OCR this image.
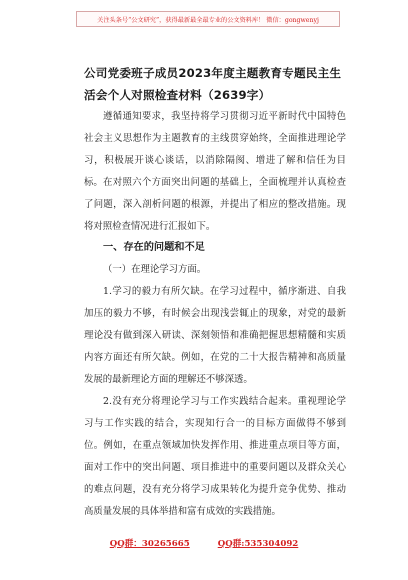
关注头条号“公文研究”，获得最新最全最专业的公文资料库！ 微信：gongwenyj
公司党委班子成员2023年度主题教育专题民主生活会个人对照检查材料（2639字）
遵循通知要求，我坚持将学习贯彻习近平新时代中国特色社会主义思想作为主题教育的主线贯穿始终，全面推进理论学习，积极展开谈心谈话，以消除隔阂、增进了解和信任为目标。 在对照六个方面突出问题的基础上，全面梳理并认真检查了问题，深入剖析问题的根源，并提出了相应的整改措施。现将对照检查情况进行汇报如下。
一、存在的问题和不足
（一）在理论学习方面。
1.学习的毅力有所欠缺。在学习过程中，循序渐进、自我加压的毅力不够，有时候会出现浅尝辄止的现象，对党的最新理论没有做到深入研读、深刻领悟和准确把握思想精髓和实质内容方面还有所欠缺。例如，在党的二十大报告精神和高质量发展的最新理论方面的理解还不够深透。
2.没有充分将理论学习与工作实践结合起来。重视理论学习与工作实践的结合，实现知行合一的目标方面做得不够到位。例如，在重点领域加快发挥作用、推进重点项目等方面，面对工作中的突出问题、项目推进中的重要问题以及群众关心的难点问题，没有充分将学习成果转化为提升竞争优势、推动高质量发展的具体举措和富有成效的实践措施。
QQ群：30265665	QQ群:535304092
